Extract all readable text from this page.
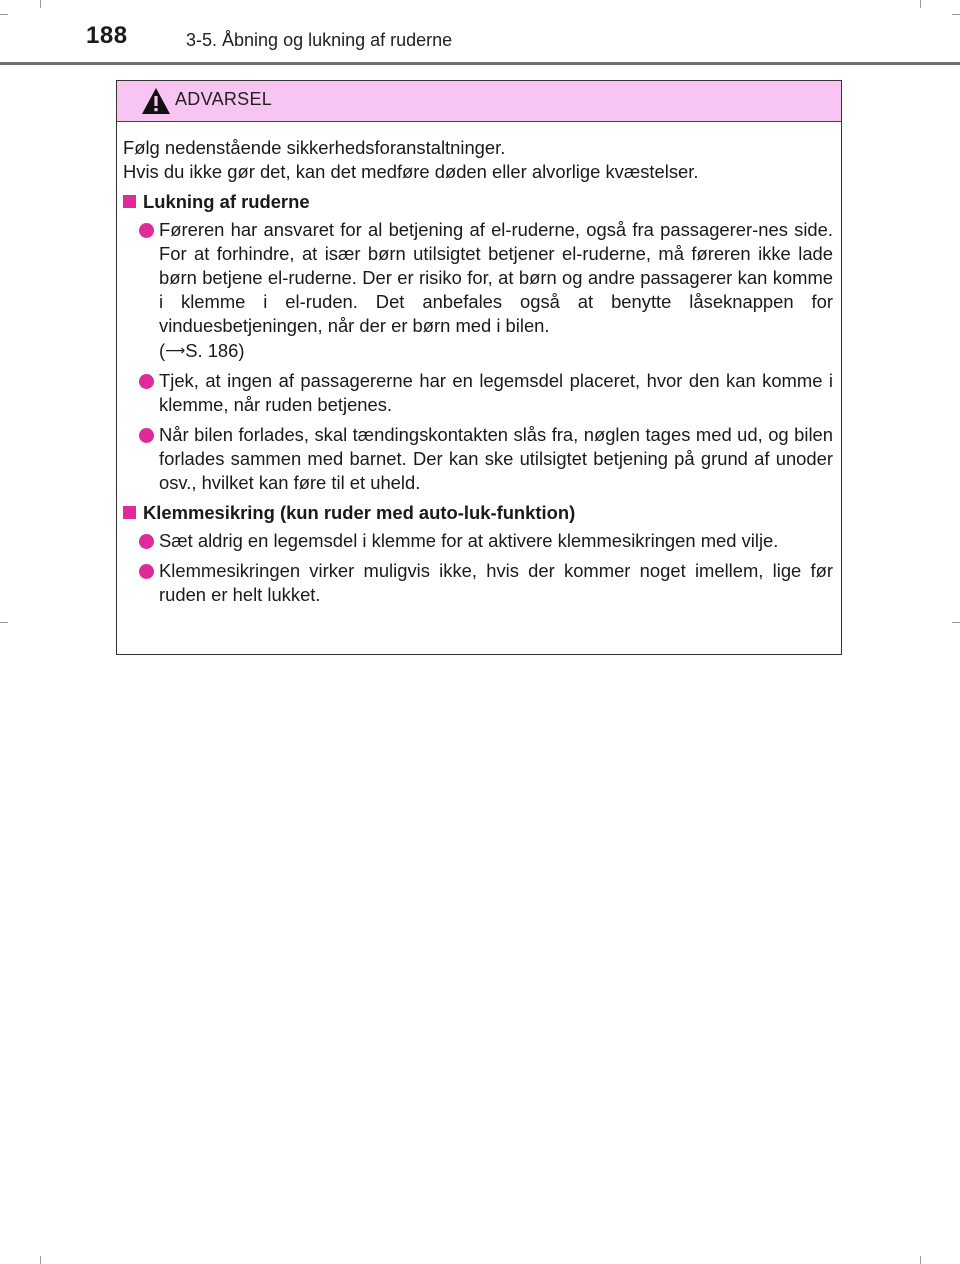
188	3-5. Åbning og lukning af ruderne
ADVARSEL

Følg nedenstående sikkerhedsforanstaltninger.

Hvis du ikke gør det, kan det medføre døden eller alvorlige kvæstelser.

Lukning af ruderne
Føreren har ansvaret for al betjening af el-ruderne, også fra passagerer-nes side. For at forhindre, at især børn utilsigtet betjener el-ruderne, må føreren ikke lade børn betjene el-ruderne. Der er risiko for, at børn og andre passagerer kan komme i klemme i el-ruden. Det anbefales også at benytte låseknappen for vinduesbetjeningen, når der er børn med i bilen.
(⟶S. 186)
Tjek, at ingen af passagererne har en legemsdel placeret, hvor den kan komme i klemme, når ruden betjenes.
Når bilen forlades, skal tændingskontakten slås fra, nøglen tages med ud, og bilen forlades sammen med barnet. Der kan ske utilsigtet betjening på grund af unoder osv., hvilket kan føre til et uheld.
Klemmesikring (kun ruder med auto-luk-funktion)
Sæt aldrig en legemsdel i klemme for at aktivere klemmesikringen med vilje.
Klemmesikringen virker muligvis ikke, hvis der kommer noget imellem, lige før ruden er helt lukket.
